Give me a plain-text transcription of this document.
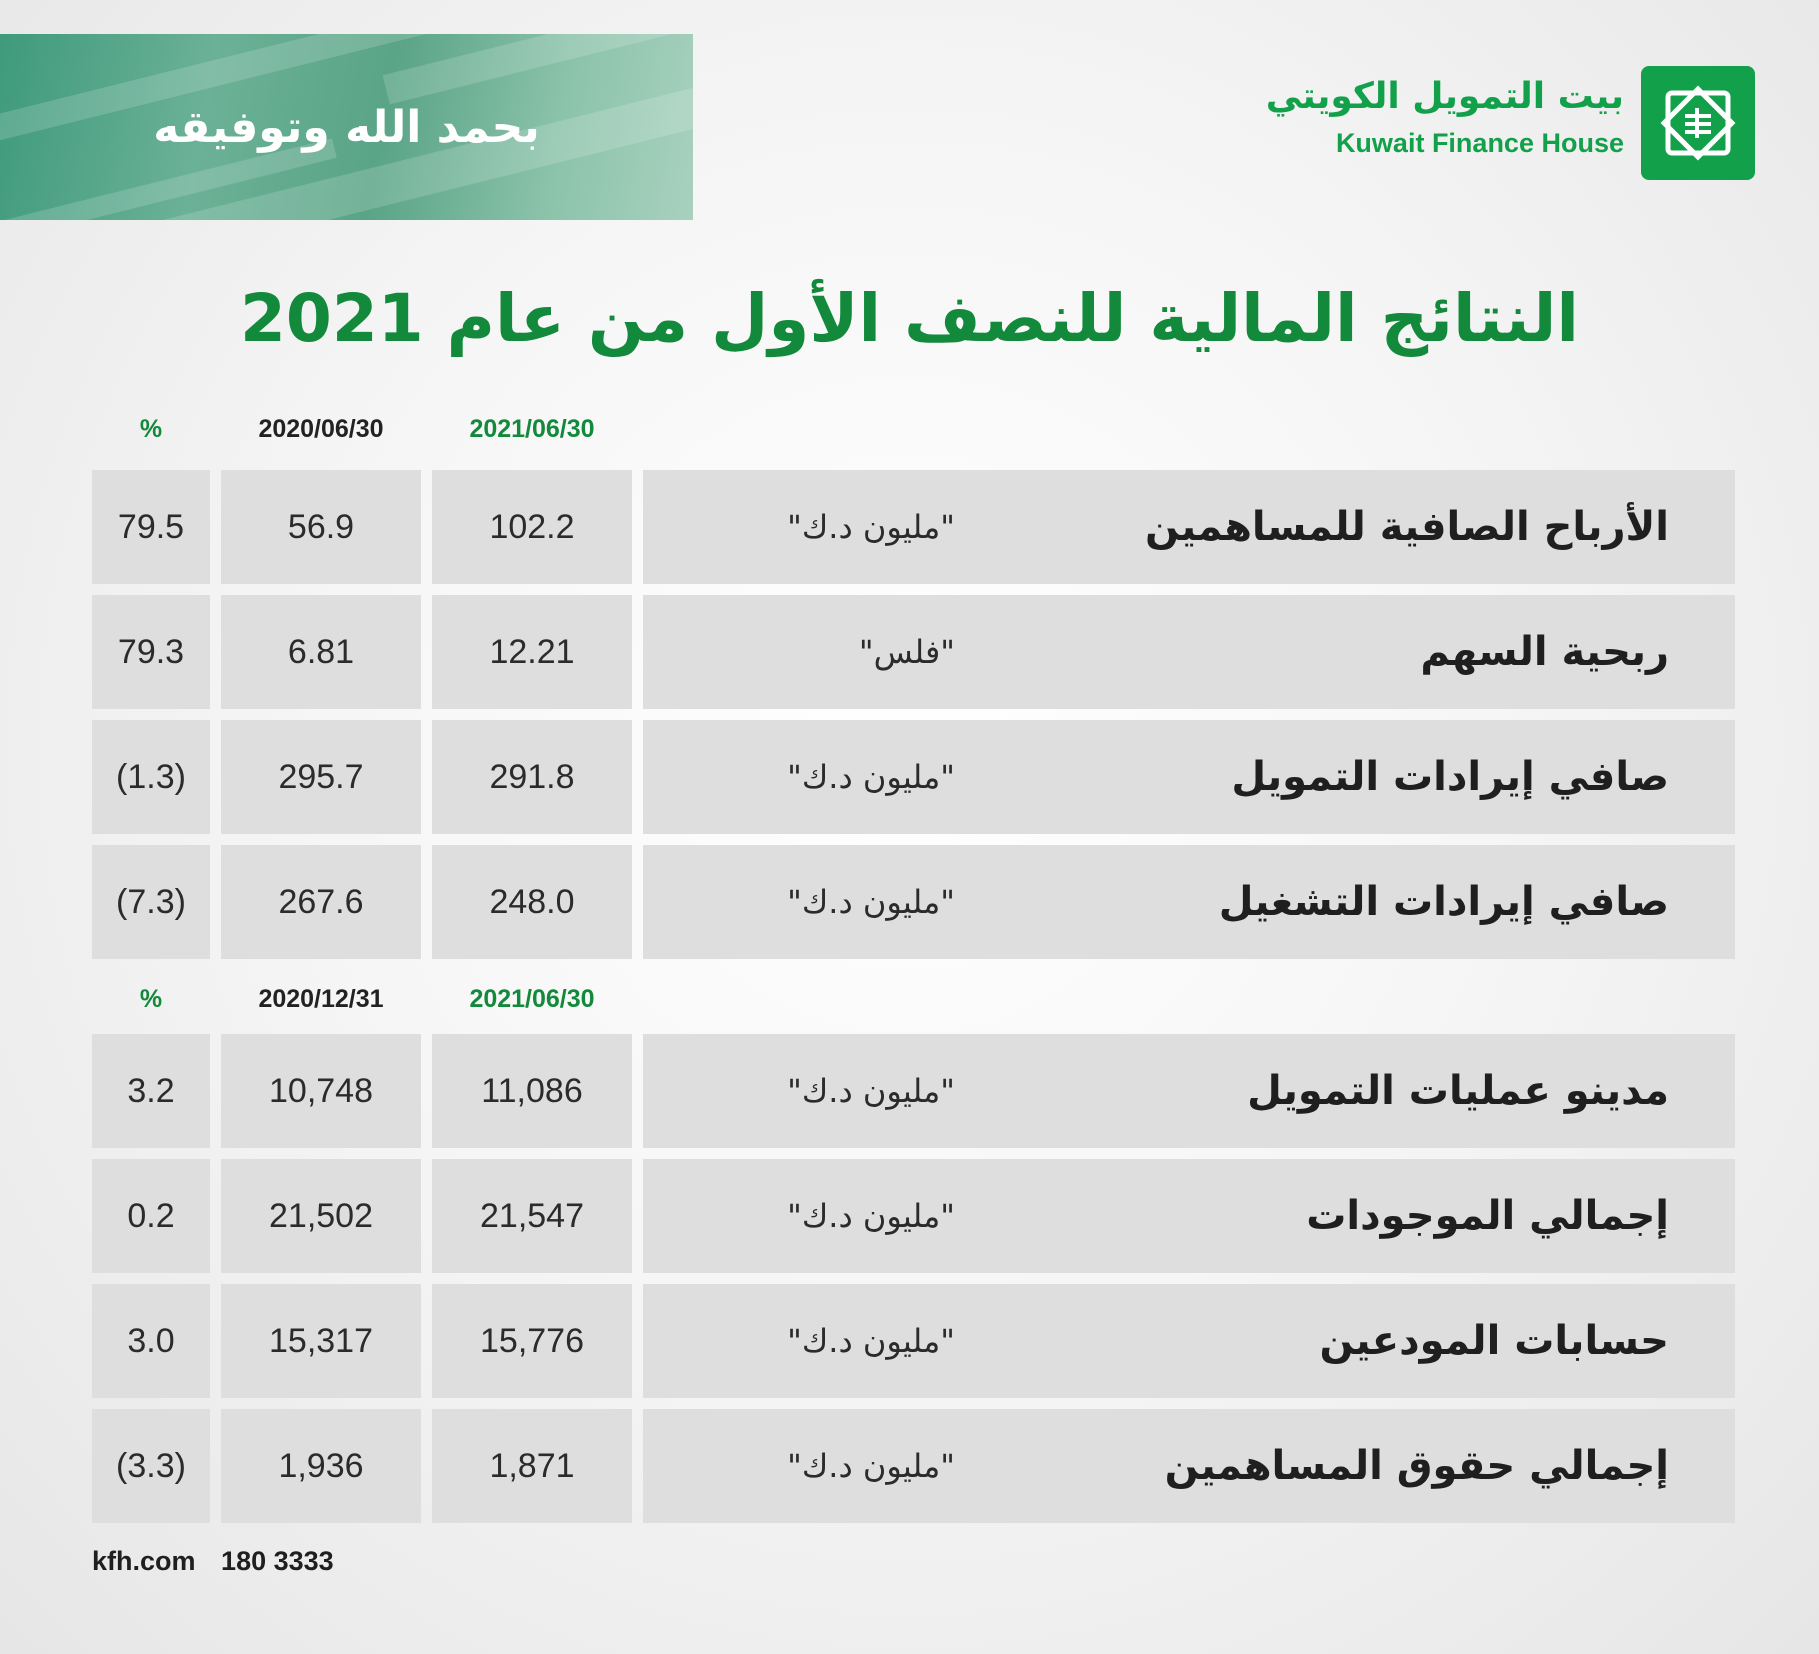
بحمد الله وتوفيقه
بيت التمويل الكويتي
Kuwait Finance House
النتائج المالية للنصف الأول من عام 2021
2021/06/30
2020/06/30
%
الأرباح الصافية للمساهمين
"مليون د.ك"
102.2
56.9
79.5
ربحية السهم
"فلس"
12.21
6.81
79.3
صافي إيرادات التمويل
"مليون د.ك"
291.8
295.7
(1.3)
صافي إيرادات التشغيل
"مليون د.ك"
248.0
267.6
(7.3)
2021/06/30
2020/12/31
%
مدينو عمليات التمويل
"مليون د.ك"
11,086
10,748
3.2
إجمالي الموجودات
"مليون د.ك"
21,547
21,502
0.2
حسابات المودعين
"مليون د.ك"
15,776
15,317
3.0
إجمالي حقوق المساهمين
"مليون د.ك"
1,871
1,936
(3.3)
kfh.com 180 3333
